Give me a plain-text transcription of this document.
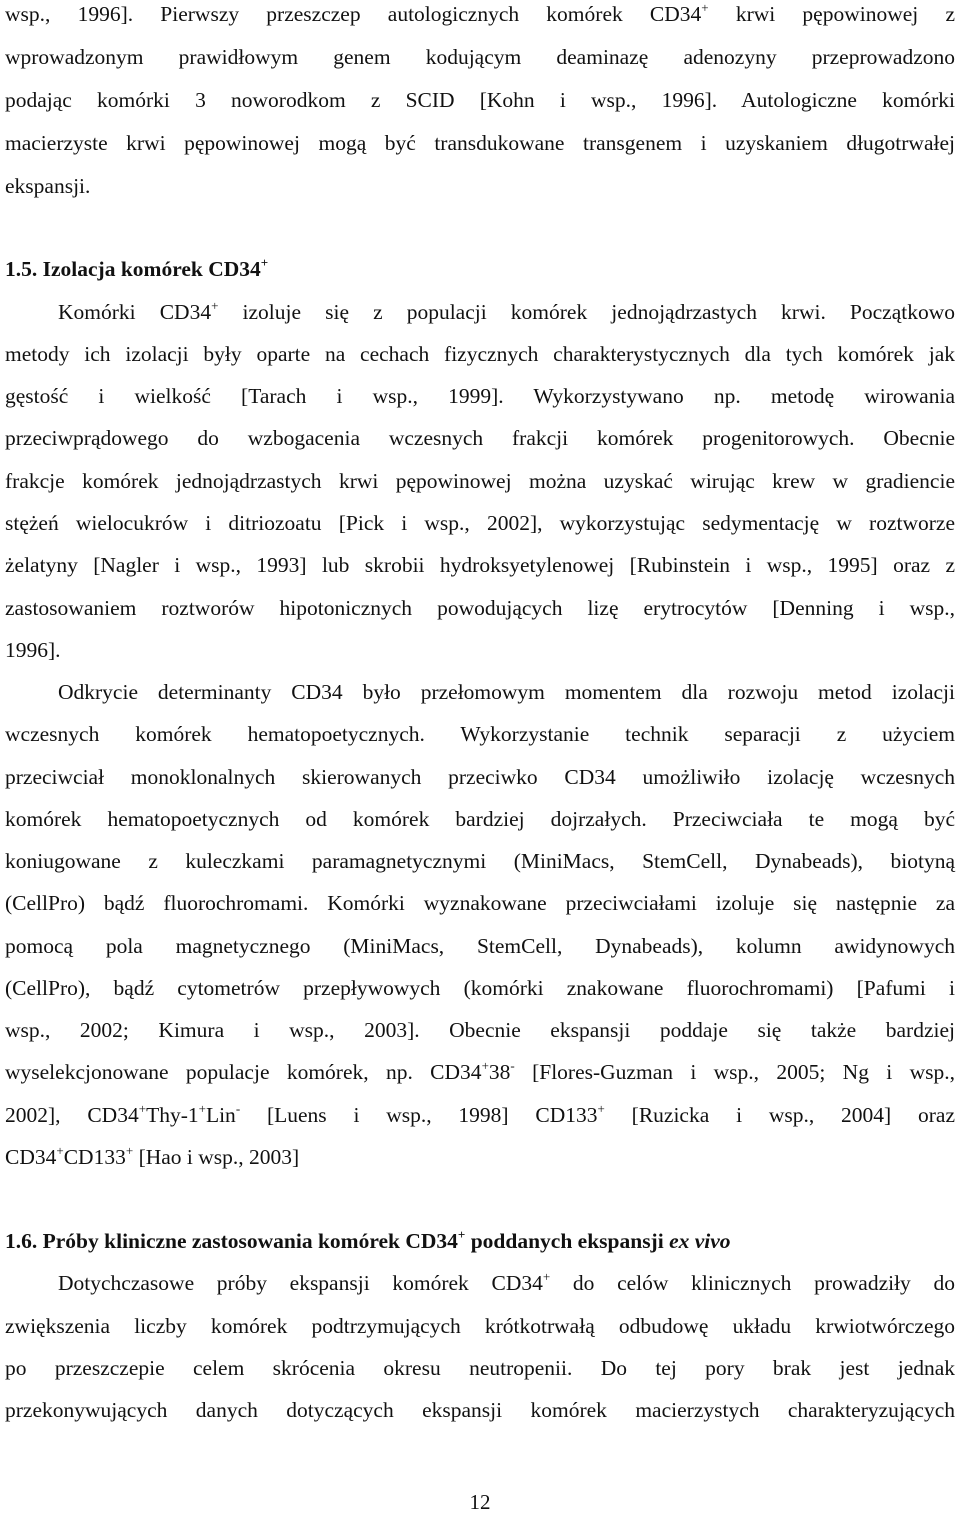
wsp., 1996]. Pierwszy przeszczep autologicznych komórek CD34+ krwi pępowinowej z
wprowadzonym prawidłowym genem kodującym deaminazę adenozyny przeprowadzono
podając komórki 3 noworodkom z SCID [Kohn i wsp., 1996]. Autologiczne komórki
macierzyste krwi pępowinowej mogą być transdukowane transgenem i uzyskaniem długotrwałej
ekspansji.
1.5. Izolacja komórek CD34+
Komórki CD34+ izoluje się z populacji komórek jednojądrzastych krwi. Początkowo
metody ich izolacji były oparte na cechach fizycznych charakterystycznych dla tych komórek jak
gęstość i wielkość [Tarach i wsp., 1999]. Wykorzystywano np. metodę wirowania
przeciwprądowego do wzbogacenia wczesnych frakcji komórek progenitorowych. Obecnie
frakcje komórek jednojądrzastych krwi pępowinowej można uzyskać wirując krew w gradiencie
stężeń wielocukrów i ditriozoatu [Pick i wsp., 2002], wykorzystując sedymentację w roztworze
żelatyny [Nagler i wsp., 1993] lub skrobii hydroksyetylenowej [Rubinstein i wsp., 1995] oraz z
zastosowaniem roztworów hipotonicznych powodujących lizę erytrocytów [Denning i wsp.,
1996].
Odkrycie determinanty CD34 było przełomowym momentem dla rozwoju metod izolacji
wczesnych komórek hematopoetycznych. Wykorzystanie technik separacji z użyciem
przeciwciał monoklonalnych skierowanych przeciwko CD34 umożliwiło izolację wczesnych
komórek hematopoetycznych od komórek bardziej dojrzałych. Przeciwciała te mogą być
koniugowane z kuleczkami paramagnetycznymi (MiniMacs, StemCell, Dynabeads), biotyną
(CellPro) bądź fluorochromami. Komórki wyznakowane przeciwciałami izoluje się następnie za
pomocą pola magnetycznego (MiniMacs, StemCell, Dynabeads), kolumn awidynowych
(CellPro), bądź cytometrów przepływowych (komórki znakowane fluorochromami) [Pafumi i
wsp., 2002; Kimura i wsp., 2003]. Obecnie ekspansji poddaje się także bardziej
wyselekcjonowane populacje komórek, np. CD34+38- [Flores-Guzman i wsp., 2005; Ng i wsp.,
2002], CD34+Thy-1+Lin- [Luens i wsp., 1998] CD133+ [Ruzicka i wsp., 2004] oraz
CD34+CD133+ [Hao i wsp., 2003]
1.6. Próby kliniczne zastosowania komórek CD34+ poddanych ekspansji ex vivo
Dotychczasowe próby ekspansji komórek CD34+ do celów klinicznych prowadziły do
zwiększenia liczby komórek podtrzymujących krótkotrwałą odbudowę układu krwiotwórczego
po przeszczepie celem skrócenia okresu neutropenii. Do tej pory brak jest jednak
przekonywujących danych dotyczących ekspansji komórek macierzystych charakteryzujących
12
